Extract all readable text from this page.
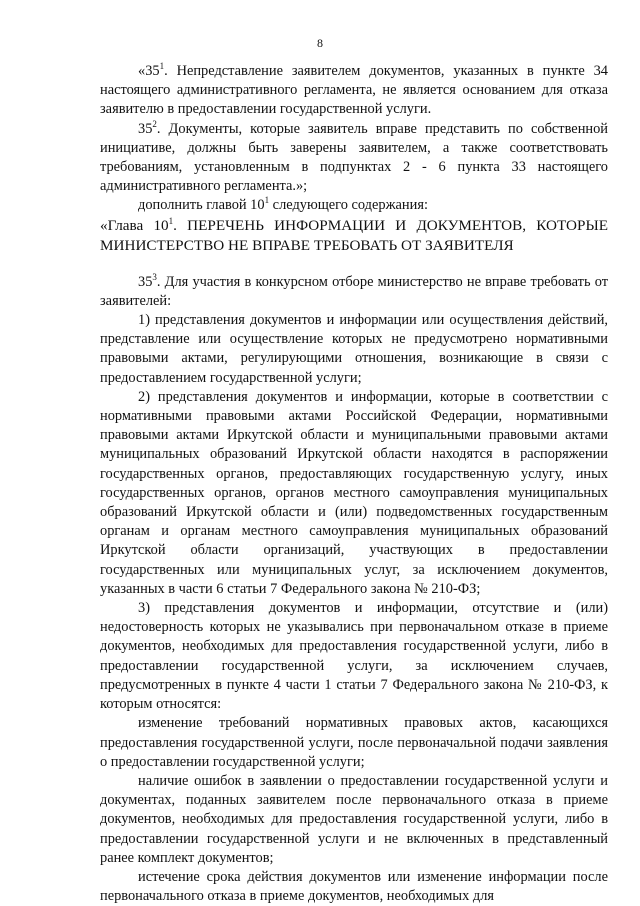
8

«$35^1$. Непредставление заявителем документов, указанных в пункте 34 настоящего административного регламента, не является основанием для отказа заявителю в предоставлении государственной услуги.

$35^2$. Документы, которые заявитель вправе представить по собственной инициативе, должны быть заверены заявителем, а также соответствовать требованиям, установленным в подпунктах 2 - 6 пункта 33 настоящего административного регламента.»;

дополнить главой $10^1$ следующего содержания:

«Глава $10^1$. ПЕРЕЧЕНЬ ИНФОРМАЦИИ И ДОКУМЕНТОВ, КОТОРЫЕ МИНИСТЕРСТВО НЕ ВПРАВЕ ТРЕБОВАТЬ ОТ ЗАЯВИТЕЛЯ

$35^3$. Для участия в конкурсном отборе министерство не вправе требовать от заявителей:

1) представления документов и информации или осуществления действий, представление или осуществление которых не предусмотрено нормативными правовыми актами, регулирующими отношения, возникающие в связи с предоставлением государственной услуги;

2) представления документов и информации, которые в соответствии с нормативными правовыми актами Российской Федерации, нормативными правовыми актами Иркутской области и муниципальными правовыми актами муниципальных образований Иркутской области находятся в распоряжении государственных органов, предоставляющих государственную услугу, иных государственных органов, органов местного самоуправления муниципальных образований Иркутской области и (или) подведомственных государственным органам и органам местного самоуправления муниципальных образований Иркутской области организаций, участвующих в предоставлении государственных или муниципальных услуг, за исключением документов, указанных в части 6 статьи 7 Федерального закона № 210-ФЗ;

3) представления документов и информации, отсутствие и (или) недостоверность которых не указывались при первоначальном отказе в приеме документов, необходимых для предоставления государственной услуги, либо в предоставлении государственной услуги, за исключением случаев, предусмотренных в пункте 4 части 1 статьи 7 Федерального закона № 210-ФЗ, к которым относятся:

изменение требований нормативных правовых актов, касающихся предоставления государственной услуги, после первоначальной подачи заявления о предоставлении государственной услуги;

наличие ошибок в заявлении о предоставлении государственной услуги и документах, поданных заявителем после первоначального отказа в приеме документов, необходимых для предоставления государственной услуги, либо в предоставлении государственной услуги и не включенных в представленный ранее комплект документов;

истечение срока действия документов или изменение информации после первоначального отказа в приеме документов, необходимых для
